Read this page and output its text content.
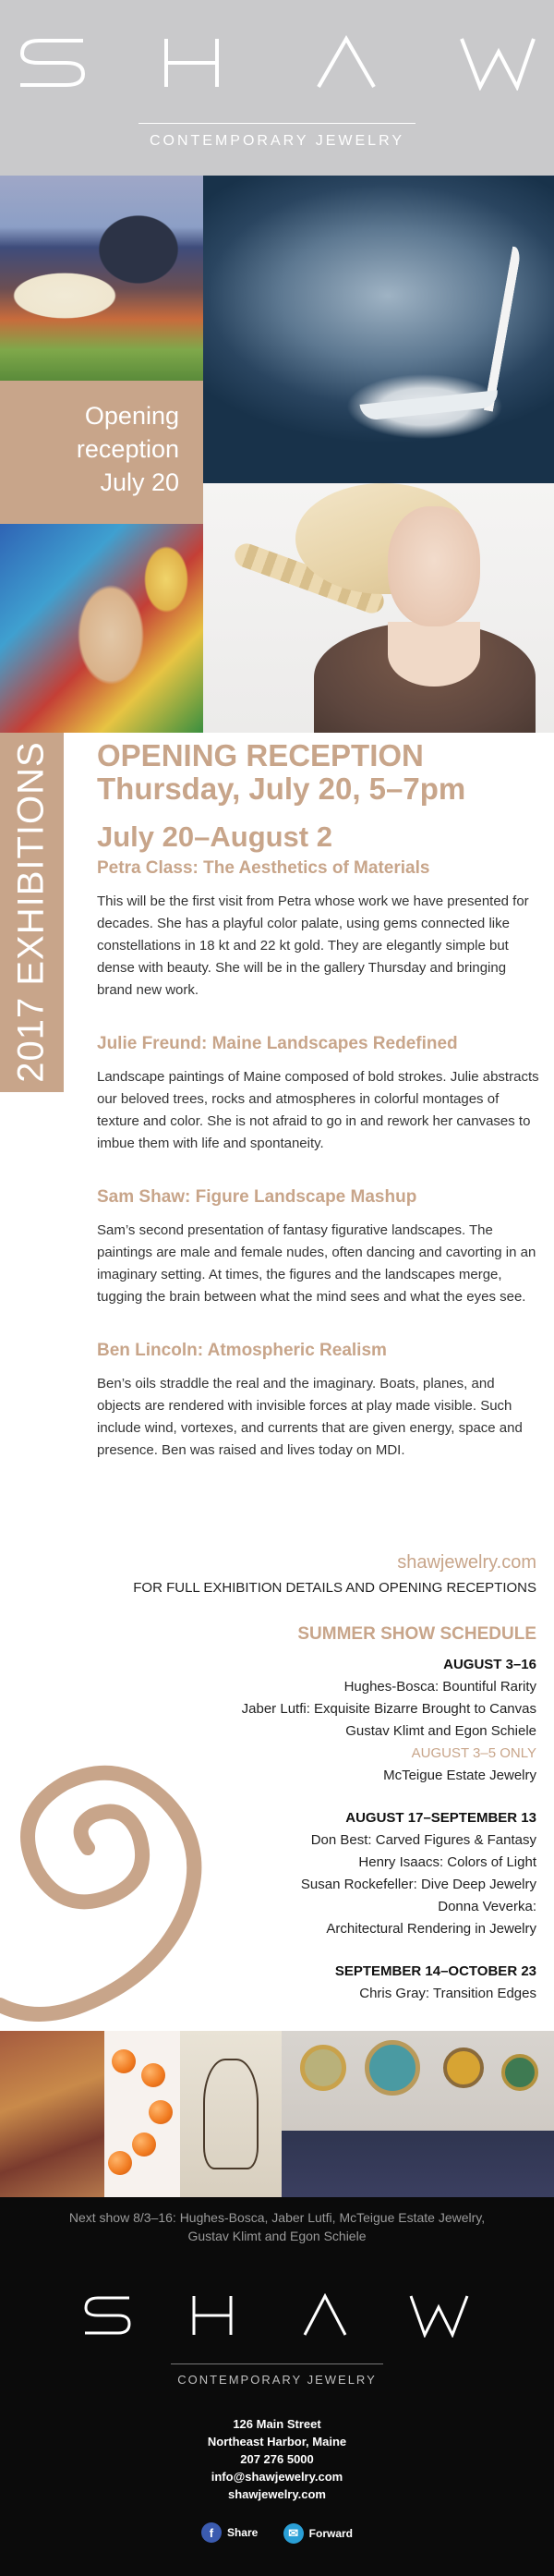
SHAW
CONTEMPORARY JEWELRY
Opening
reception
July 20
2017 EXHIBITIONS OPENING RECEPTION
Thursday, July 20, 5–7pm
July 20–August 2
Petra Class: The Aesthetics of Materials
This will be the first visit from Petra whose work we have presented for decades. She has a playful color palate, using gems connected like constellations in 18 kt and 22 kt gold. They are elegantly simple but dense with beauty. She will be in the gallery Thursday and bringing brand new work.
Julie Freund: Maine Landscapes Redefined
Landscape paintings of Maine composed of bold strokes. Julie abstracts our beloved trees, rocks and atmospheres in colorful montages of texture and color. She is not afraid to go in and rework her canvases to imbue them with life and spontaneity.
Sam Shaw: Figure Landscape Mashup
Sam’s second presentation of fantasy figurative landscapes. The paintings are male and female nudes, often dancing and cavorting in an imaginary setting. At times, the figures and the landscapes merge, tugging the brain between what the mind sees and what the eyes see.
Ben Lincoln: Atmospheric Realism
Ben’s oils straddle the real and the imaginary. Boats, planes, and objects are rendered with invisible forces at play made visible. Such include wind, vortexes, and currents that are given energy, space and presence. Ben was raised and lives today on MDI.
shawjewelry.com
FOR FULL EXHIBITION DETAILS AND OPENING RECEPTIONS
SUMMER SHOW SCHEDULE
AUGUST 3–16
Hughes-Bosca: Bountiful Rarity
Jaber Lutfi: Exquisite Bizarre Brought to Canvas
Gustav Klimt and Egon Schiele
AUGUST 3–5 ONLY
McTeigue Estate Jewelry
AUGUST 17–SEPTEMBER 13
Don Best: Carved Figures & Fantasy
Henry Isaacs: Colors of Light
Susan Rockefeller: Dive Deep Jewelry
Donna Veverka:
Architectural Rendering in Jewelry
SEPTEMBER 14–OCTOBER 23
Chris Gray: Transition Edges
Next show 8/3–16: Hughes-Bosca, Jaber Lutfi, McTeigue Estate Jewelry,
Gustav Klimt and Egon Schiele
SHAW
CONTEMPORARY JEWELRY
126 Main Street
Northeast Harbor, Maine
207 276 5000
info@shawjewelry.com
shawjewelry.com
f	Share
	✉ Forward
